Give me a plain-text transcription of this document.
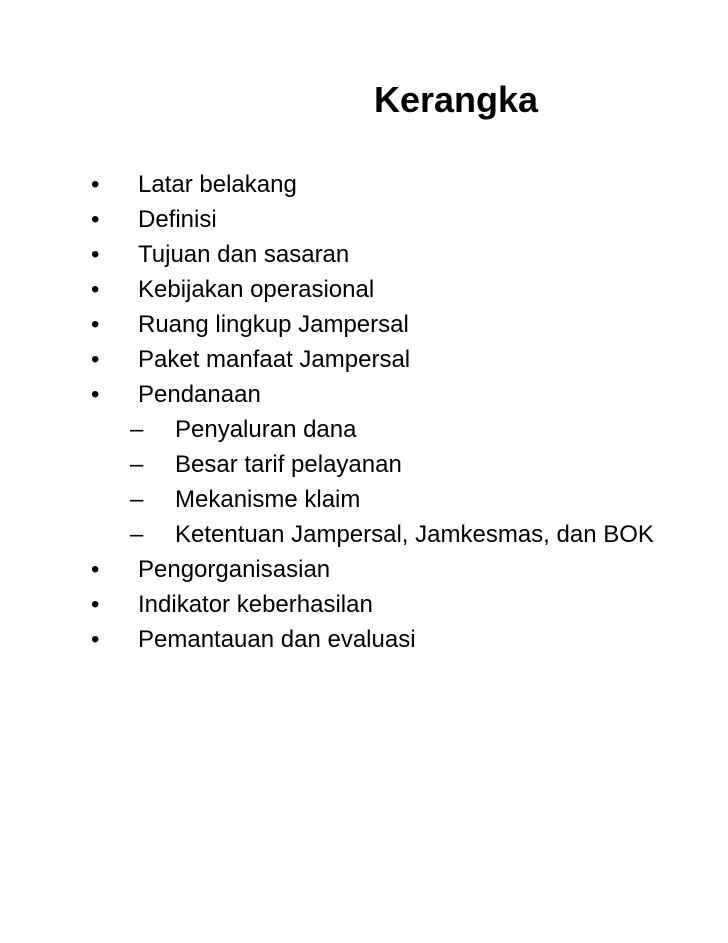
Kerangka
•	Latar belakang
•	Definisi
•	Tujuan dan sasaran
•	Kebijakan operasional
•	Ruang lingkup Jampersal
•	Paket manfaat Jampersal
•	Pendanaan
– Penyaluran dana
– Besar tarif pelayanan
– Mekanisme klaim
– Ketentuan Jampersal, Jamkesmas, dan BOK
•	Pengorganisasian
•	Indikator keberhasilan
•	Pemantauan dan evaluasi
